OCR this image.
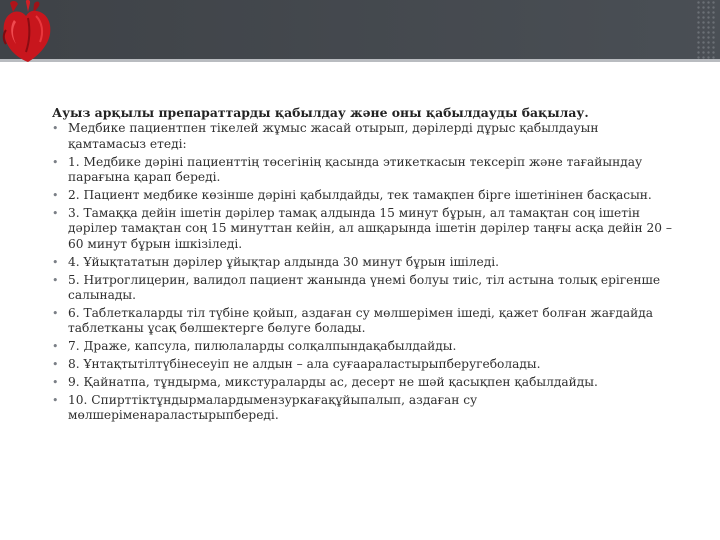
Ауыз арқылы препараттарды қабылдау және оны қабылдауды бақылау.
• Медбике пациентпен тікелей жұмыс жасай отырып, дәрілерді дұрыс қабылдауын қамтамасыз етеді:
• 1. Медбике дәріні пациенттің төсегінің қасында этикеткасын тексеріп және тағайындау парағына қарап береді.
• 2. Пациент медбике көзінше дәріні қабылдайды, тек тамақпен бірге ішетінінен басқасын.
• 3. Тамаққа дейін ішетін дәрілер тамақ алдында 15 минут бұрын, ал тамақтан соң ішетін дәрілер тамақтан соң 15 минуттан кейін, ал ашқарында ішетін дәрілер таңғы асқа дейін 20 – 60 минут бұрын ішкізіледі.
• 4. Ұйықтататын дәрілер ұйықтар алдында 30 минут бұрын ішіледі.
• 5. Нитроглицерин, валидол пациент жанында үнемі болуы тиіс, тіл астына толық ерігенше салынады.
• 6. Таблеткаларды тіл түбіне қойып, аздаған су мөлшерімен ішеді, қажет болған жағдайда таблетканы ұсақ бөлшектерге бөлуге болады.
• 7. Драже, капсула, пилюлаларды солқалпындақабылдайды.
• 8. Ұнтақтытілтүбінесеуіп не алдын – ала суғаараластырыпберугеболады.
• 9. Қайнатпа, тұндырма, микстураларды ас, десерт не шәй қасықпен қабылдайды.
• 10. Спирттіктұндырмалардымензуркағақұйыпалып, аздаған су мөлшеріменараластырыпбереді.
